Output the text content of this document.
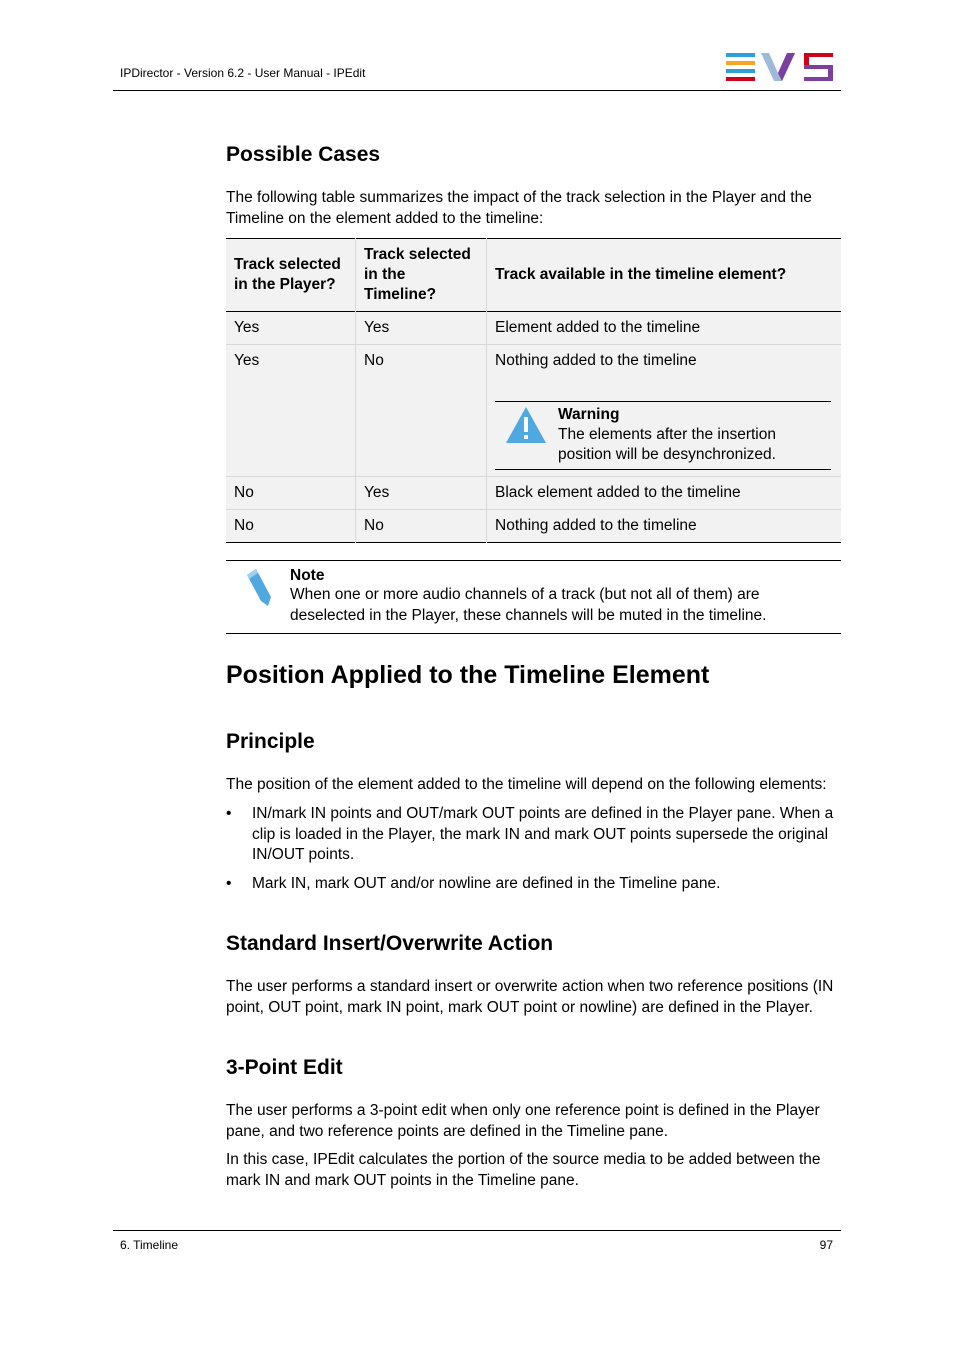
IPDirector - Version 6.2 - User Manual - IPEdit
Possible Cases

The following table summarizes the impact of the track selection in the Player and the Timeline on the element added to the timeline:

Track selected in the Player?	Track selected in the Timeline?	Track available in the timeline element?
Yes	Yes	Element added to the timeline
Yes	No	Nothing added to the timeline
Warning
The elements after the insertion position will be desynchronized.

No	Yes	Black element added to the timeline
No	No	Nothing added to the timeline
Note
When one or more audio channels of a track (but not all of them) are deselected in the Player, these channels will be muted in the timeline.
Position Applied to the Timeline Element
Principle

The position of the element added to the timeline will depend on the following elements:

• IN/mark IN points and OUT/mark OUT points are defined in the Player pane. When a clip is loaded in the Player, the mark IN and mark OUT points supersede the original IN/OUT points.
• Mark IN, mark OUT and/or nowline are defined in the Timeline pane.
Standard Insert/Overwrite Action

The user performs a standard insert or overwrite action when two reference positions (IN point, OUT point, mark IN point, mark OUT point or nowline) are defined in the Player.

3-Point Edit

The user performs a 3-point edit when only one reference point is defined in the Player pane, and two reference points are defined in the Timeline pane.

In this case, IPEdit calculates the portion of the source media to be added between the mark IN and mark OUT points in the Timeline pane.

6. Timeline	97
